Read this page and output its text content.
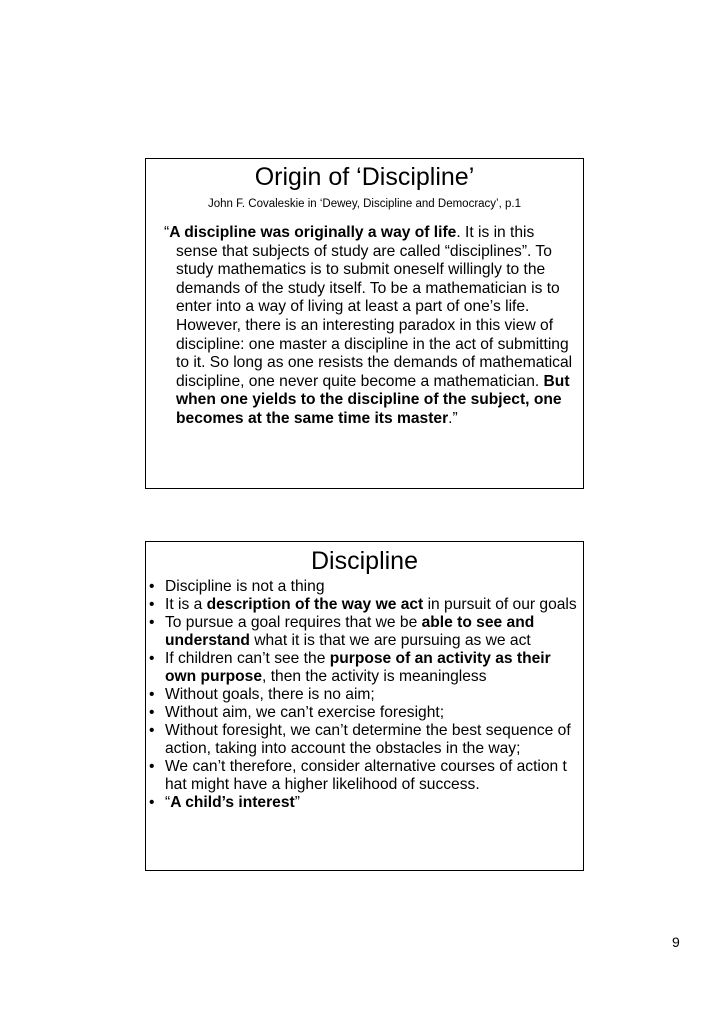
Origin of ‘Discipline’
John F. Covaleskie in ‘Dewey, Discipline and Democracy’, p.1
“A discipline was originally a way of life. It is in this sense that subjects of study are called “disciplines”. To study mathematics is to submit oneself willingly to the demands of the study itself. To be a mathematician is to enter into a way of living at least a part of one’s life. However, there is an interesting paradox in this view of discipline: one master a discipline in the act of submitting to it. So long as one resists the demands of mathematical discipline, one never quite become a mathematician. But when one yields to the discipline of the subject, one becomes at the same time its master.”
Discipline
• Discipline is not a thing
• It is a description of the way we act in pursuit of our goals
• To pursue a goal requires that we be able to see and understand what it is that we are pursuing as we act
• If children can’t see the purpose of an activity as their own purpose, then the activity is meaningless
• Without goals, there is no aim;
• Without aim, we can’t exercise foresight;
• Without foresight, we can’t determine the best sequence of action, taking into account the obstacles in the way;
• We can’t therefore, consider alternative courses of action t hat might have a higher likelihood of success.
• “A child’s interest”
9
